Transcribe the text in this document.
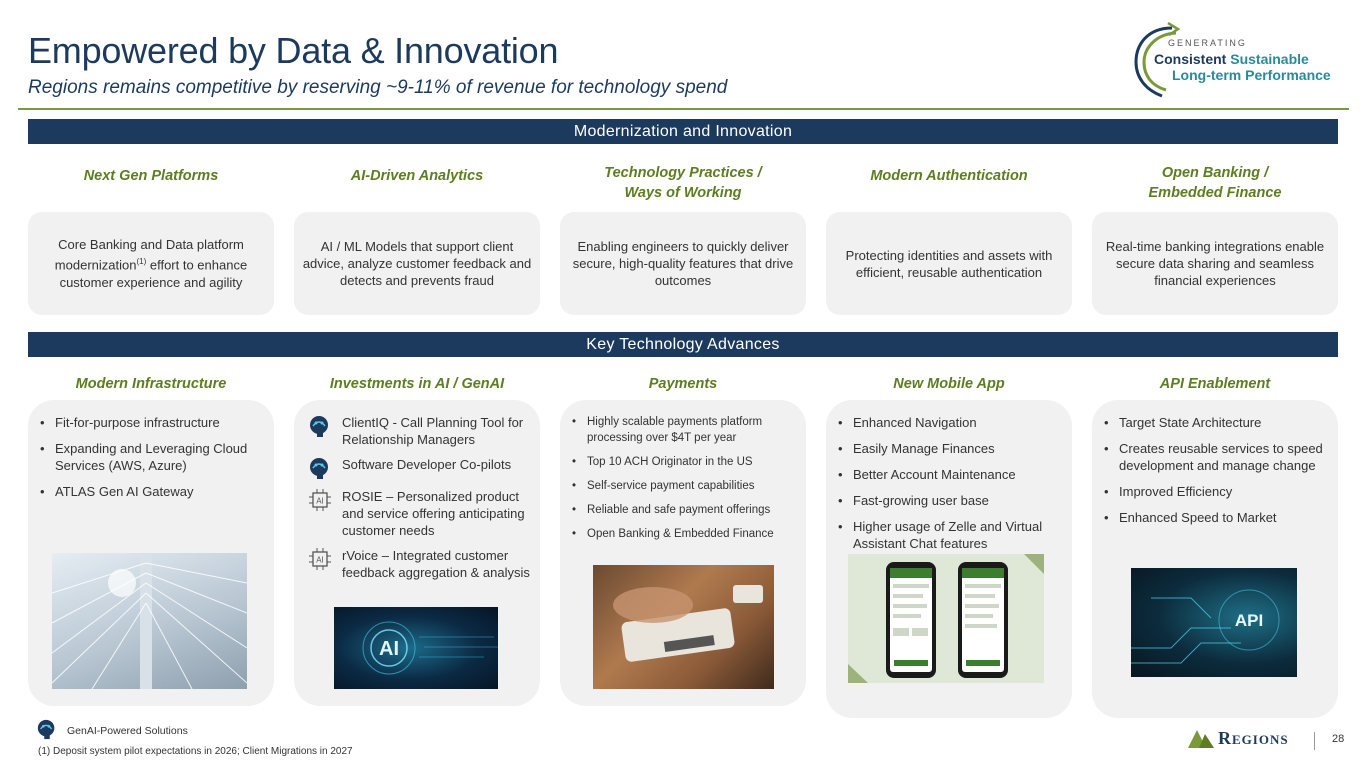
Empowered by Data & Innovation
Regions remains competitive by reserving ~9-11% of revenue for technology spend
GENERATING
Consistent Sustainable
Long-term Performance
Modernization and Innovation
Next Gen Platforms	AI-Driven Analytics	Technology Practices /
Ways of Working
Modern Authentication	Open Banking /
Embedded Finance
Core Banking and Data platform modernization$^{(1)}$ effort to enhance customer experience and agility
AI / ML Models that support client advice, analyze customer feedback and detects and prevents fraud
Enabling engineers to quickly deliver secure, high-quality features that drive outcomes
Protecting identities and assets with efficient, reusable authentication
Real-time banking integrations enable secure data sharing and seamless financial experiences
Key Technology Advances
Modern Infrastructure	Investments in AI / GenAI	Payments	New Mobile App	API Enablement
• Fit-for-purpose infrastructure
• Expanding and Leveraging Cloud Services (AWS, Azure)
• ATLAS Gen AI Gateway
ClientIQ - Call Planning Tool for Relationship Managers
Software Developer Co-pilots
AI ROSIE – Personalized product and service offering anticipating customer needs
AI rVoice – Integrated customer feedback aggregation & analysis
AI
• Highly scalable payments platform processing over $4T per year
• Top 10 ACH Originator in the US
• Self-service payment capabilities
• Reliable and safe payment offerings
• Open Banking & Embedded Finance
• Enhanced Navigation
• Easily Manage Finances
• Better Account Maintenance
• Fast-growing user base
• Higher usage of Zelle and Virtual Assistant Chat features
• Target State Architecture
• Creates reusable services to speed development and manage change
• Improved Efficiency
• Enhanced Speed to Market
API
GenAI-Powered Solutions
(1) Deposit system pilot expectations in 2026; Client Migrations in 2027
Regions	28
